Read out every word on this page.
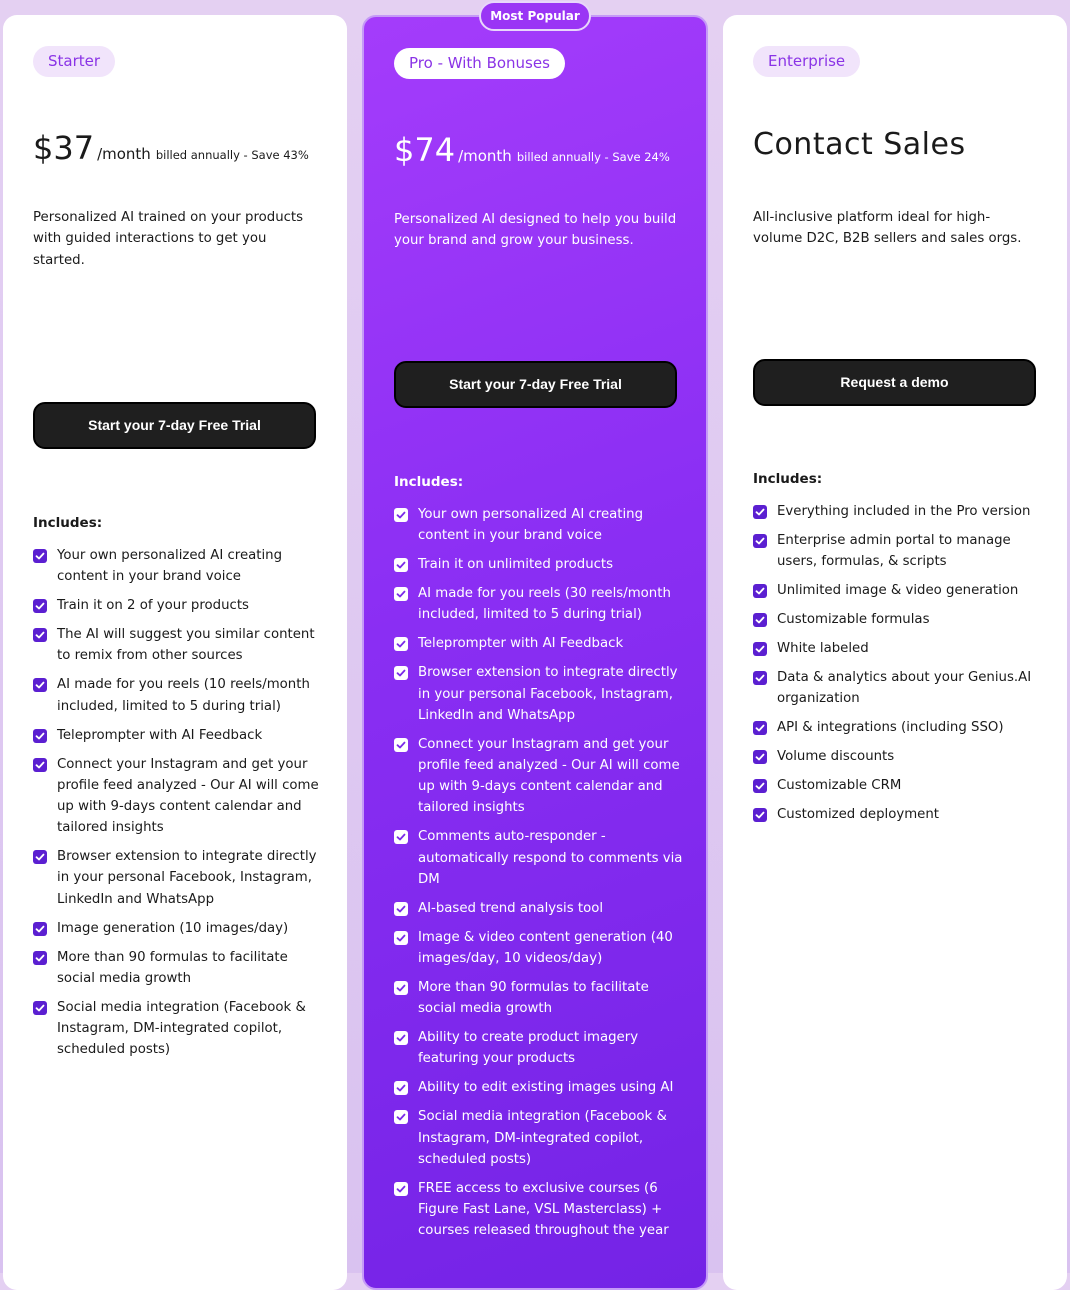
Starter
$37 /month billed annually - Save 43%
Personalized AI trained on your products with guided interactions to get you started.
Start your 7-day Free Trial
Includes:
Your own personalized AI creating content in your brand voice
Train it on 2 of your products
The AI will suggest you similar content to remix from other sources
AI made for you reels (10 reels/month included, limited to 5 during trial)
Teleprompter with AI Feedback
Connect your Instagram and get your profile feed analyzed - Our AI will come up with 9-days content calendar and tailored insights
Browser extension to integrate directly in your personal Facebook, Instagram, LinkedIn and WhatsApp
Image generation (10 images/day)
More than 90 formulas to facilitate social media growth
Social media integration (Facebook & Instagram, DM-integrated copilot, scheduled posts)
Pro - With Bonuses
$74 /month billed annually - Save 24%
Personalized AI designed to help you build your brand and grow your business.
Start your 7-day Free Trial
Includes:
Your own personalized AI creating content in your brand voice
Train it on unlimited products
AI made for you reels (30 reels/month included, limited to 5 during trial)
Teleprompter with AI Feedback
Browser extension to integrate directly in your personal Facebook, Instagram, LinkedIn and WhatsApp
Connect your Instagram and get your profile feed analyzed - Our AI will come up with 9-days content calendar and tailored insights
Comments auto-responder - automatically respond to comments via DM
AI-based trend analysis tool
Image & video content generation (40 images/day, 10 videos/day)
More than 90 formulas to facilitate social media growth
Ability to create product imagery featuring your products
Ability to edit existing images using AI
Social media integration (Facebook & Instagram, DM-integrated copilot, scheduled posts)
FREE access to exclusive courses (6 Figure Fast Lane, VSL Masterclass) + courses released throughout the year
Most Popular
Enterprise
Contact Sales
All-inclusive platform ideal for high-volume D2C, B2B sellers and sales orgs.
Request a demo
Includes:
Everything included in the Pro version
Enterprise admin portal to manage users, formulas, & scripts
Unlimited image & video generation
Customizable formulas
White labeled
Data & analytics about your Genius.AI organization
API & integrations (including SSO)
Volume discounts
Customizable CRM
Customized deployment
